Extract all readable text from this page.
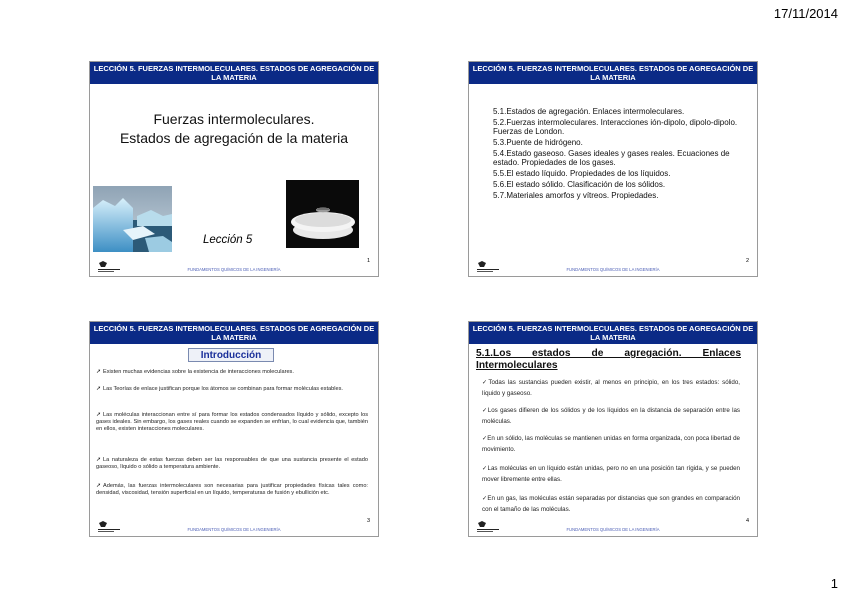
17/11/2014
LECCIÓN 5. FUERZAS INTERMOLECULARES. ESTADOS DE AGREGACIÓN DE LA MATERIA
Fuerzas intermoleculares.
Estados de agregación de la materia
Lección 5
1
FUNDAMENTOS QUÍMICOS DE LA INGENIERÍA
LECCIÓN 5. FUERZAS INTERMOLECULARES. ESTADOS DE AGREGACIÓN DE LA MATERIA
5.1.Estados de agregación. Enlaces intermoleculares.
5.2.Fuerzas intermoleculares. Interacciones ión-dipolo, dipolo-dipolo. Fuerzas de London.
5.3.Puente de hidrógeno.
5.4.Estado gaseoso. Gases ideales y gases reales. Ecuaciones de estado. Propiedades de los gases.
5.5.El estado líquido. Propiedades de los líquidos.
5.6.El estado sólido. Clasificación de los sólidos.
5.7.Materiales amorfos y vítreos. Propiedades.
2
FUNDAMENTOS QUÍMICOS DE LA INGENIERÍA
LECCIÓN 5. FUERZAS INTERMOLECULARES. ESTADOS DE AGREGACIÓN DE LA MATERIA
Introducción
➚ Existen muchas evidencias sobre la existencia de interacciones moleculares.
➚ Las Teorías de enlace justifican porque los átomos se combinan para formar moléculas estables.
➚ Las moléculas interaccionan entre sí para formar los estados condensados líquido y sólido, excepto los gases ideales. Sin embargo, los gases reales cuando se expanden se enfrían, lo cual evidencia que, también en ellos, existen interacciones moleculares.
➚ La naturaleza de estas fuerzas deben ser las responsables de que una sustancia presente el estado gaseoso, líquido o sólido a temperatura ambiente.
➚ Además, las fuerzas intermoleculares son necesarias para justificar propiedades físicas tales como: densidad, viscosidad, tensión superficial en un líquido, temperaturas de fusión y ebullición etc.
3
FUNDAMENTOS QUÍMICOS DE LA INGENIERÍA
LECCIÓN 5. FUERZAS INTERMOLECULARES. ESTADOS DE AGREGACIÓN DE LA MATERIA
5.1.Los estados de agregación. Enlaces
Intermoleculares
✓Todas las sustancias pueden existir, al menos en principio, en los tres estados: sólido, líquido y gaseoso.
✓Los gases difieren de los sólidos y de los líquidos en la distancia de separación entre las moléculas.
✓En un sólido, las moléculas se mantienen unidas en forma organizada, con poca libertad de movimiento.
✓Las moléculas en un líquido están unidas, pero no en una posición tan rígida, y se pueden mover libremente entre ellas.
✓En un gas, las moléculas están separadas por distancias que son grandes en comparación con el tamaño de las moléculas.
4
FUNDAMENTOS QUÍMICOS DE LA INGENIERÍA
1
